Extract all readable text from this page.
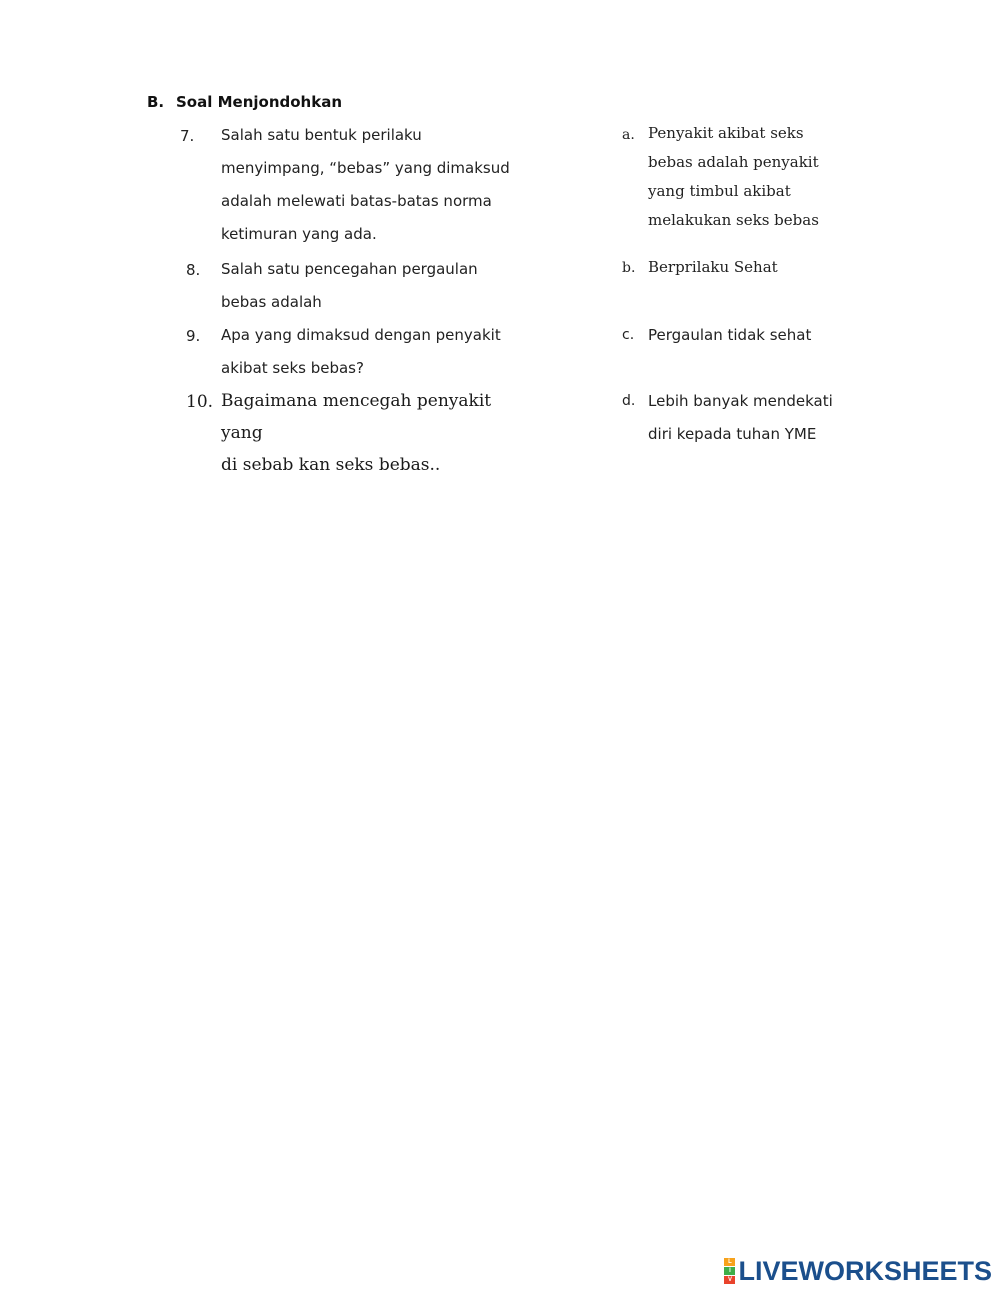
B. Soal Menjondohkan
7. Salah satu bentuk perilaku
menyimpang, “bebas” yang dimaksud
adalah melewati batas-batas norma
ketimuran yang ada.
8. Salah satu pencegahan pergaulan
bebas adalah
9. Apa yang dimaksud dengan penyakit
akibat seks bebas?
10. Bagaimana mencegah penyakit yang
di sebab kan seks bebas..
a. Penyakit akibat seks
bebas adalah penyakit
yang timbul akibat
melakukan seks bebas
b. Berprilaku Sehat
c. Pergaulan tidak sehat
d. Lebih banyak mendekati
diri kepada tuhan YME
L
I
V LIVEWORKSHEETS
